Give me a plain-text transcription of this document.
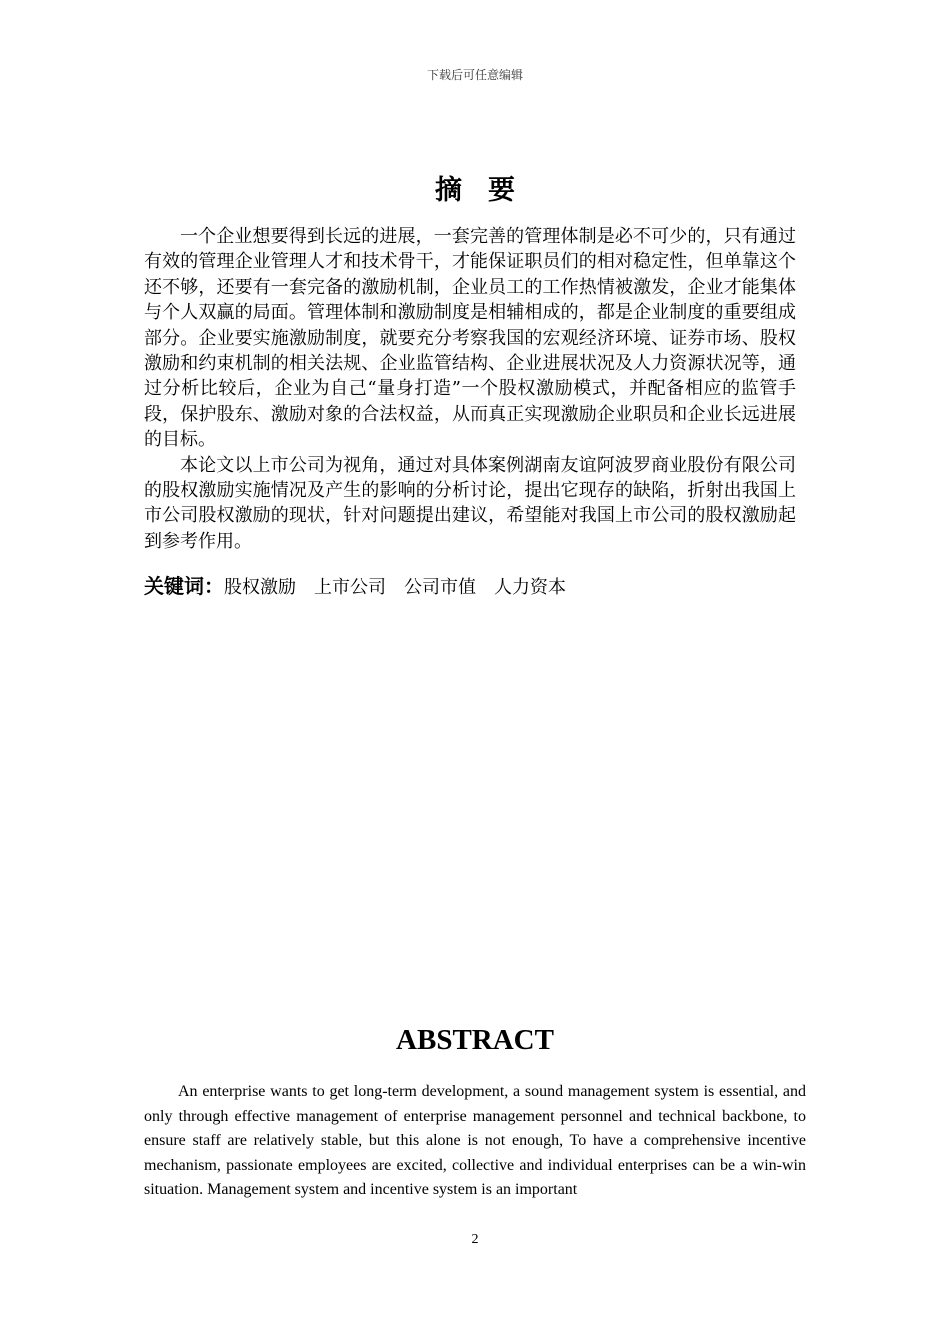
下载后可任意编辑
摘要

一个企业想要得到长远的进展，一套完善的管理体制是必不可少的，只有通过有效的管理企业管理人才和技术骨干，才能保证职员们的相对稳定性，但单靠这个还不够，还要有一套完备的激励机制，企业员工的工作热情被激发，企业才能集体与个人双赢的局面。管理体制和激励制度是相辅相成的，都是企业制度的重要组成部分。企业要实施激励制度，就要充分考察我国的宏观经济环境、证券市场、股权激励和约束机制的相关法规、企业监管结构、企业进展状况及人力资源状况等，通过分析比较后，企业为自己“量身打造”一个股权激励模式，并配备相应的监管手段，保护股东、激励对象的合法权益，从而真正实现激励企业职员和企业长远进展的目标。

本论文以上市公司为视角，通过对具体案例湖南友谊阿波罗商业股份有限公司的股权激励实施情况及产生的影响的分析讨论，提出它现存的缺陷，折射出我国上市公司股权激励的现状，针对问题提出建议，希望能对我国上市公司的股权激励起到参考作用。

关键词：股权激励 上市公司 公司市值 人力资本
ABSTRACT

An enterprise wants to get long-term development, a sound management system is essential, and only through effective management of enterprise management personnel and technical backbone, to ensure staff are relatively stable, but this alone is not enough, To have a comprehensive incentive mechanism, passionate employees are excited, collective and individual enterprises can be a win-win situation. Management system and incentive system is an important

2
